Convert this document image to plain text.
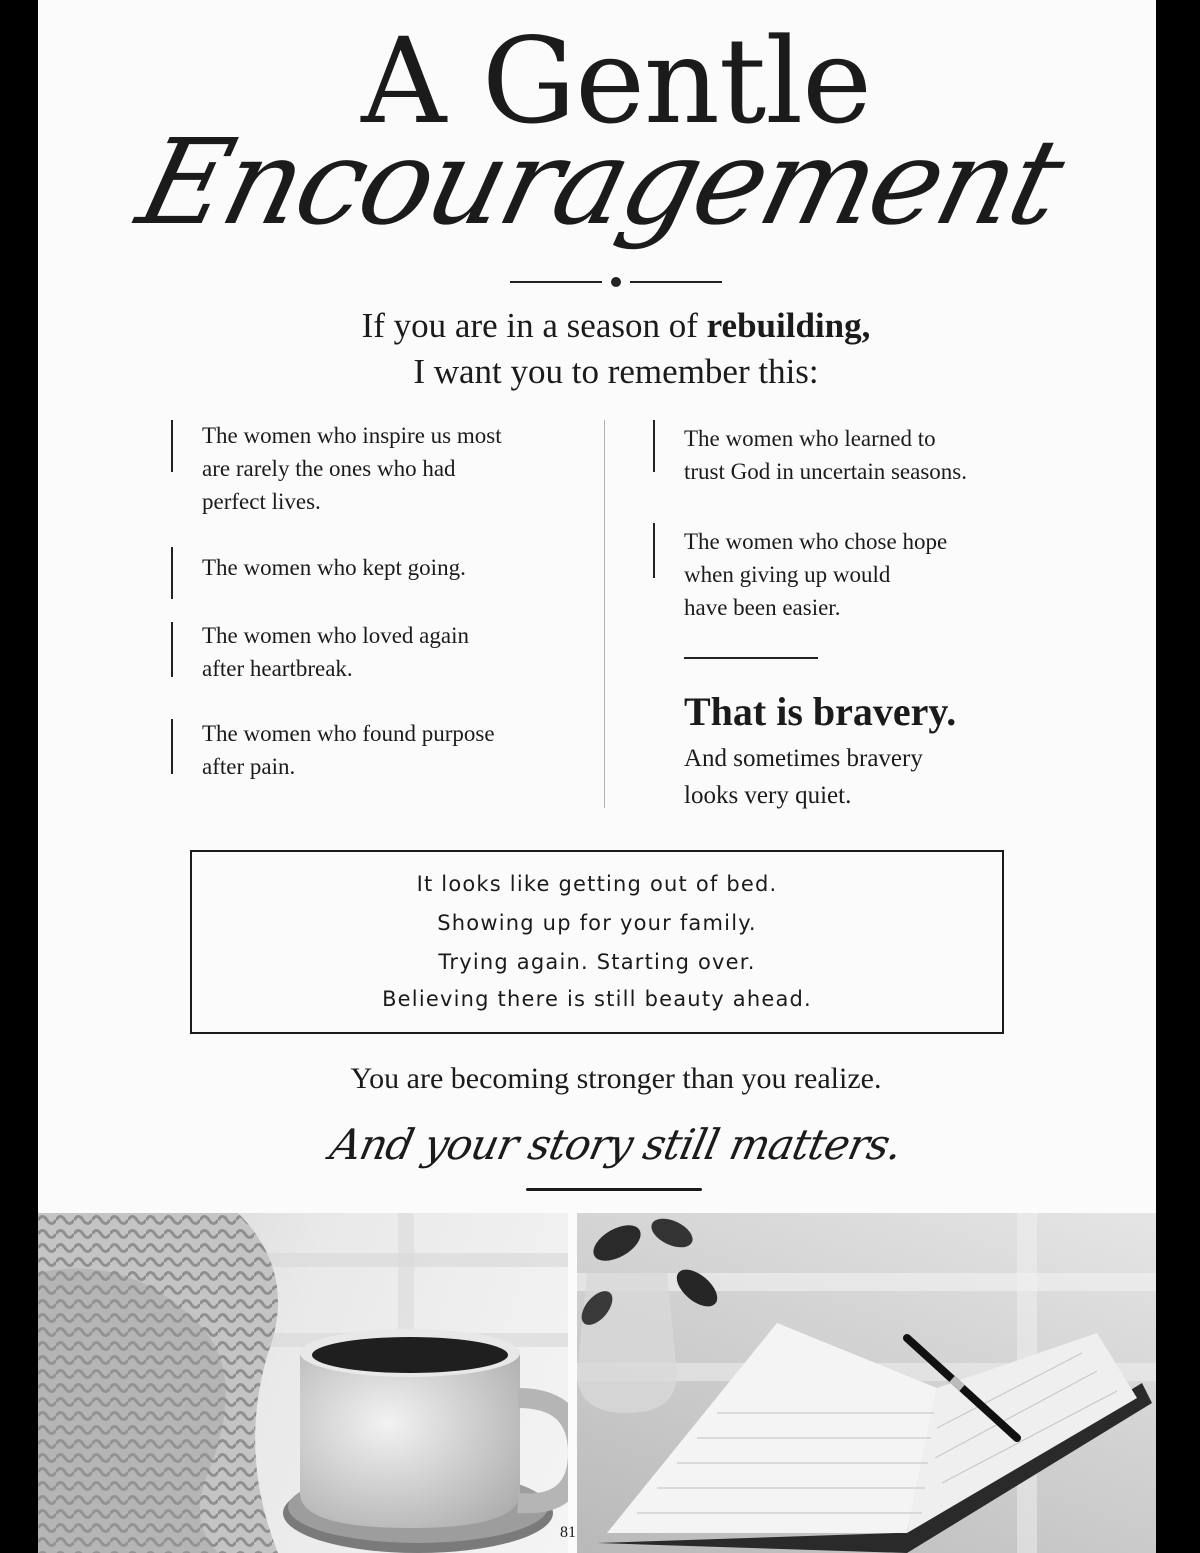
A Gentle
Encouragement
If you are in a season of rebuilding,
I want you to remember this:
The women who inspire us most
are rarely the ones who had
perfect lives.
The women who kept going.
The women who loved again
after heartbreak.
The women who found purpose
after pain.
The women who learned to
trust God in uncertain seasons.
The women who chose hope
when giving up would
have been easier.
That is bravery.
And sometimes bravery
looks very quiet.
It looks like getting out of bed.
Showing up for your family.
Trying again. Starting over.
Believing there is still beauty ahead.
You are becoming stronger than you realize.
And your story still matters.
81
